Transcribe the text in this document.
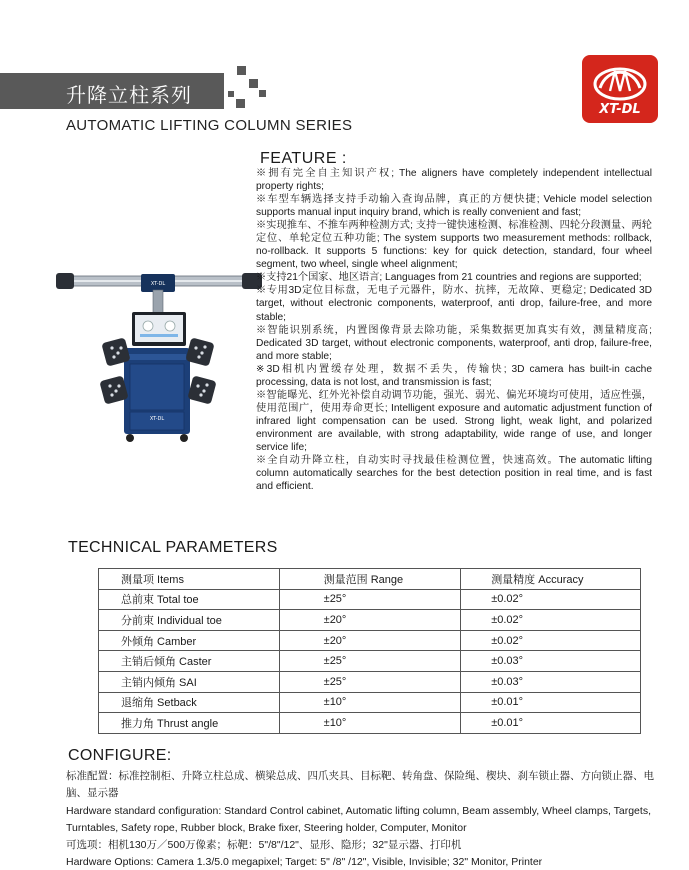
升降立柱系列
AUTOMATIC LIFTING COLUMN SERIES
XT-DL
XT-DL
XT-DL
FEATURE :

※拥有完全自主知识产权; The aligners have completely independent intellectual property rights;

※车型车辆选择支持手动输入查询品牌，真正的方便快捷; Vehicle model selection supports manual input inquiry brand, which is really convenient and fast;

※实现推车、不推车两种检测方式; 支持一键快速检测、标准检测、四轮分段测量、两轮定位、单轮定位五种功能; The system supports two measurement methods: rollback, no-rollback. It supports 5 functions: key for quick detection, standard, four wheel segment, two wheel, single wheel alignment;

※支持21个国家、地区语言; Languages from 21 countries and regions are supported;

※专用3D定位目标盘，无电子元器件，防水、抗摔，无故障、更稳定; Dedicated 3D target, without electronic components, waterproof, anti drop, failure-free, and more stable;

※智能识别系统，内置图像背景去除功能，采集数据更加真实有效，测量精度高; Dedicated 3D target, without electronic components, waterproof, anti drop, failure-free, and more stable;

※3D相机内置缓存处理，数据不丢失，传输快; 3D camera has built-in cache processing, data is not lost, and transmission is fast;

※智能曝光、红外光补偿自动调节功能，强光、弱光、偏光环境均可使用，适应性强，使用范围广，使用寿命更长; Intelligent exposure and automatic adjustment function of infrared light compensation can be used. Strong light, weak light, and polarized environment are available, with strong adaptability, wide range of use, and longer service life;

※全自动升降立柱，自动实时寻找最佳检测位置，快速高效。The automatic lifting column automatically searches for the best detection position in real time, and is fast and efficient.

TECHNICAL PARAMETERS
测量项 Items	测量范围 Range	测量精度 Accuracy
总前束 Total toe	±25°	±0.02°
分前束 Individual toe	±20°	±0.02°
外倾角 Camber	±20°	±0.02°
主销后倾角 Caster	±25°	±0.03°
主销内倾角 SAI	±25°	±0.03°
退缩角 Setback	±10°	±0.01°
推力角 Thrust angle	±10°	±0.01°
CONFIGURE:

标准配置：标准控制柜、升降立柱总成、横梁总成、四爪夹具、目标靶、转角盘、保险绳、楔块、刹车锁止器、方向锁止器、电脑、显示器

Hardware standard configuration: Standard Control cabinet, Automatic lifting column, Beam assembly, Wheel clamps, Targets, Turntables, Safety rope, Rubber block, Brake fixer, Steering holder, Computer, Monitor

可选项：相机130万／500万像素；标靶：5"/8"/12"、显形、隐形；32"显示器、打印机

Hardware Options: Camera 1.3/5.0 megapixel; Target: 5" /8" /12", Visible, Invisible; 32" Monitor, Printer
